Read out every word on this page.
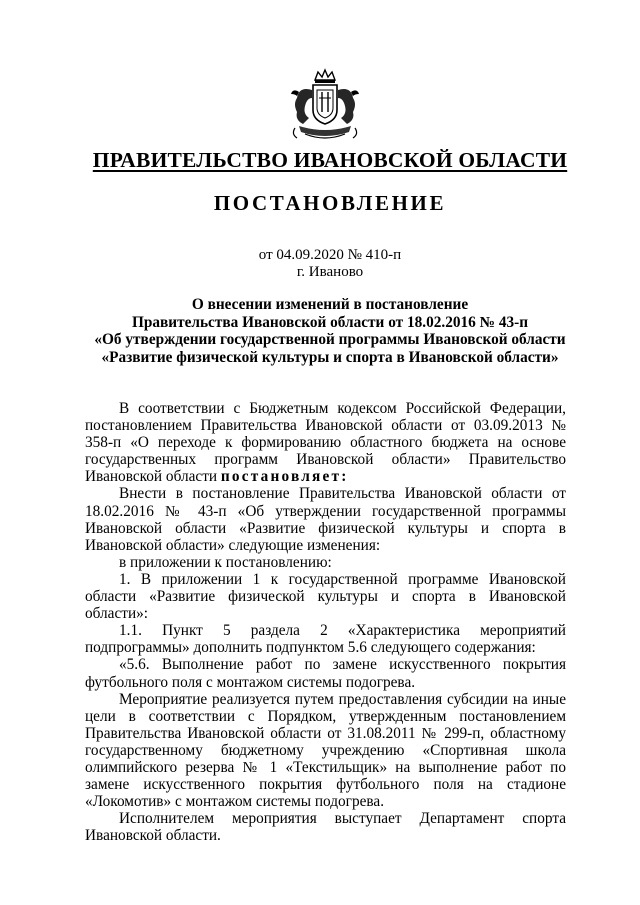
ПРАВИТЕЛЬСТВО ИВАНОВСКОЙ ОБЛАСТИ
ПОСТАНОВЛЕНИЕ
от 04.09.2020 № 410-п
г. Иваново
О внесении изменений в постановление
Правительства Ивановской области от 18.02.2016 № 43-п
«Об утверждении государственной программы Ивановской области
«Развитие физической культуры и спорта в Ивановской области»

В соответствии с Бюджетным кодексом Российской Федерации, постановлением Правительства Ивановской области от 03.09.2013 № 358-п «О переходе к формированию областного бюджета на основе государственных программ Ивановской области» Правительство Ивановской области постановляет:

Внести в постановление Правительства Ивановской области от 18.02.2016 № 43-п «Об утверждении государственной программы Ивановской области «Развитие физической культуры и спорта в Ивановской области» следующие изменения:

в приложении к постановлению:

1. В приложении 1 к государственной программе Ивановской области «Развитие физической культуры и спорта в Ивановской области»:

1.1. Пункт 5 раздела 2 «Характеристика мероприятий подпрограммы» дополнить подпунктом 5.6 следующего содержания:

«5.6. Выполнение работ по замене искусственного покрытия футбольного поля с монтажом системы подогрева.

Мероприятие реализуется путем предоставления субсидии на иные цели в соответствии с Порядком, утвержденным постановлением Правительства Ивановской области от 31.08.2011 № 299-п, областному государственному бюджетному учреждению «Спортивная школа олимпийского резерва № 1 «Текстильщик» на выполнение работ по замене искусственного покрытия футбольного поля на стадионе «Локомотив» с монтажом системы подогрева.

Исполнителем мероприятия выступает Департамент спорта Ивановской области.
